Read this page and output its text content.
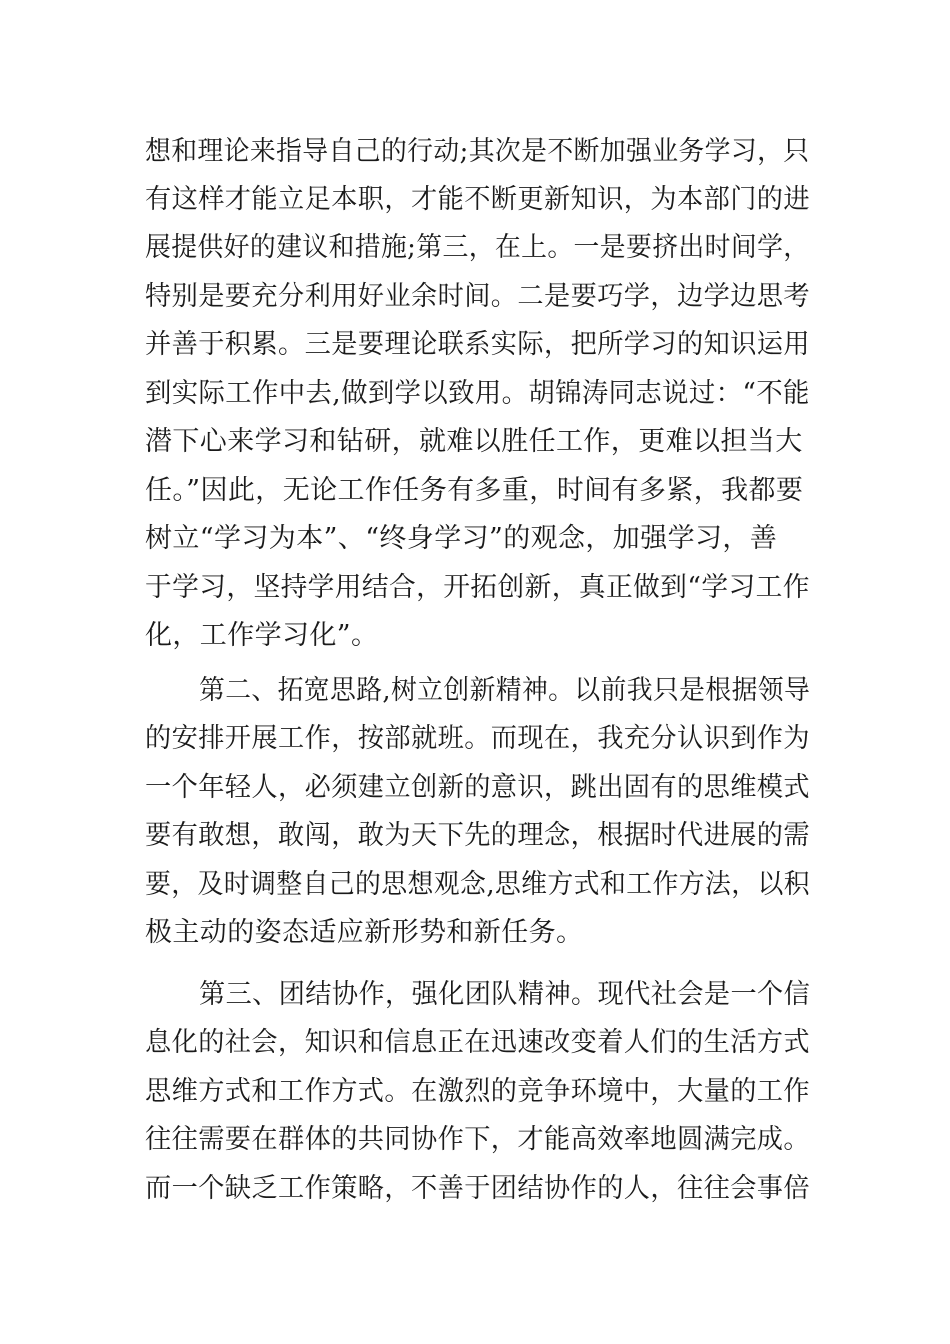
想和理论来指导自己的行动;其次是不断加强业务学习，只
有这样才能立足本职，才能不断更新知识，为本部门的进
展提供好的建议和措施;第三，在上。一是要挤出时间学，
特别是要充分利用好业余时间。二是要巧学，边学边思考
并善于积累。三是要理论联系实际，把所学习的知识运用
到实际工作中去,做到学以致用。胡锦涛同志说过：“不能
潜下心来学习和钻研，就难以胜任工作，更难以担当大
任。”因此，无论工作任务有多重，时间有多紧，我都要
树立“学习为本”、“终身学习”的观念，加强学习，善
于学习，坚持学用结合，开拓创新，真正做到“学习工作
化，工作学习化”。
第二、拓宽思路,树立创新精神。以前我只是根据领导
的安排开展工作，按部就班。而现在，我充分认识到作为
一个年轻人，必须建立创新的意识，跳出固有的思维模式
要有敢想，敢闯，敢为天下先的理念，根据时代进展的需
要，及时调整自己的思想观念,思维方式和工作方法，以积
极主动的姿态适应新形势和新任务。
第三、团结协作，强化团队精神。现代社会是一个信
息化的社会，知识和信息正在迅速改变着人们的生活方式
思维方式和工作方式。在激烈的竞争环境中，大量的工作
往往需要在群体的共同协作下，才能高效率地圆满完成。
而一个缺乏工作策略，不善于团结协作的人，往往会事倍
